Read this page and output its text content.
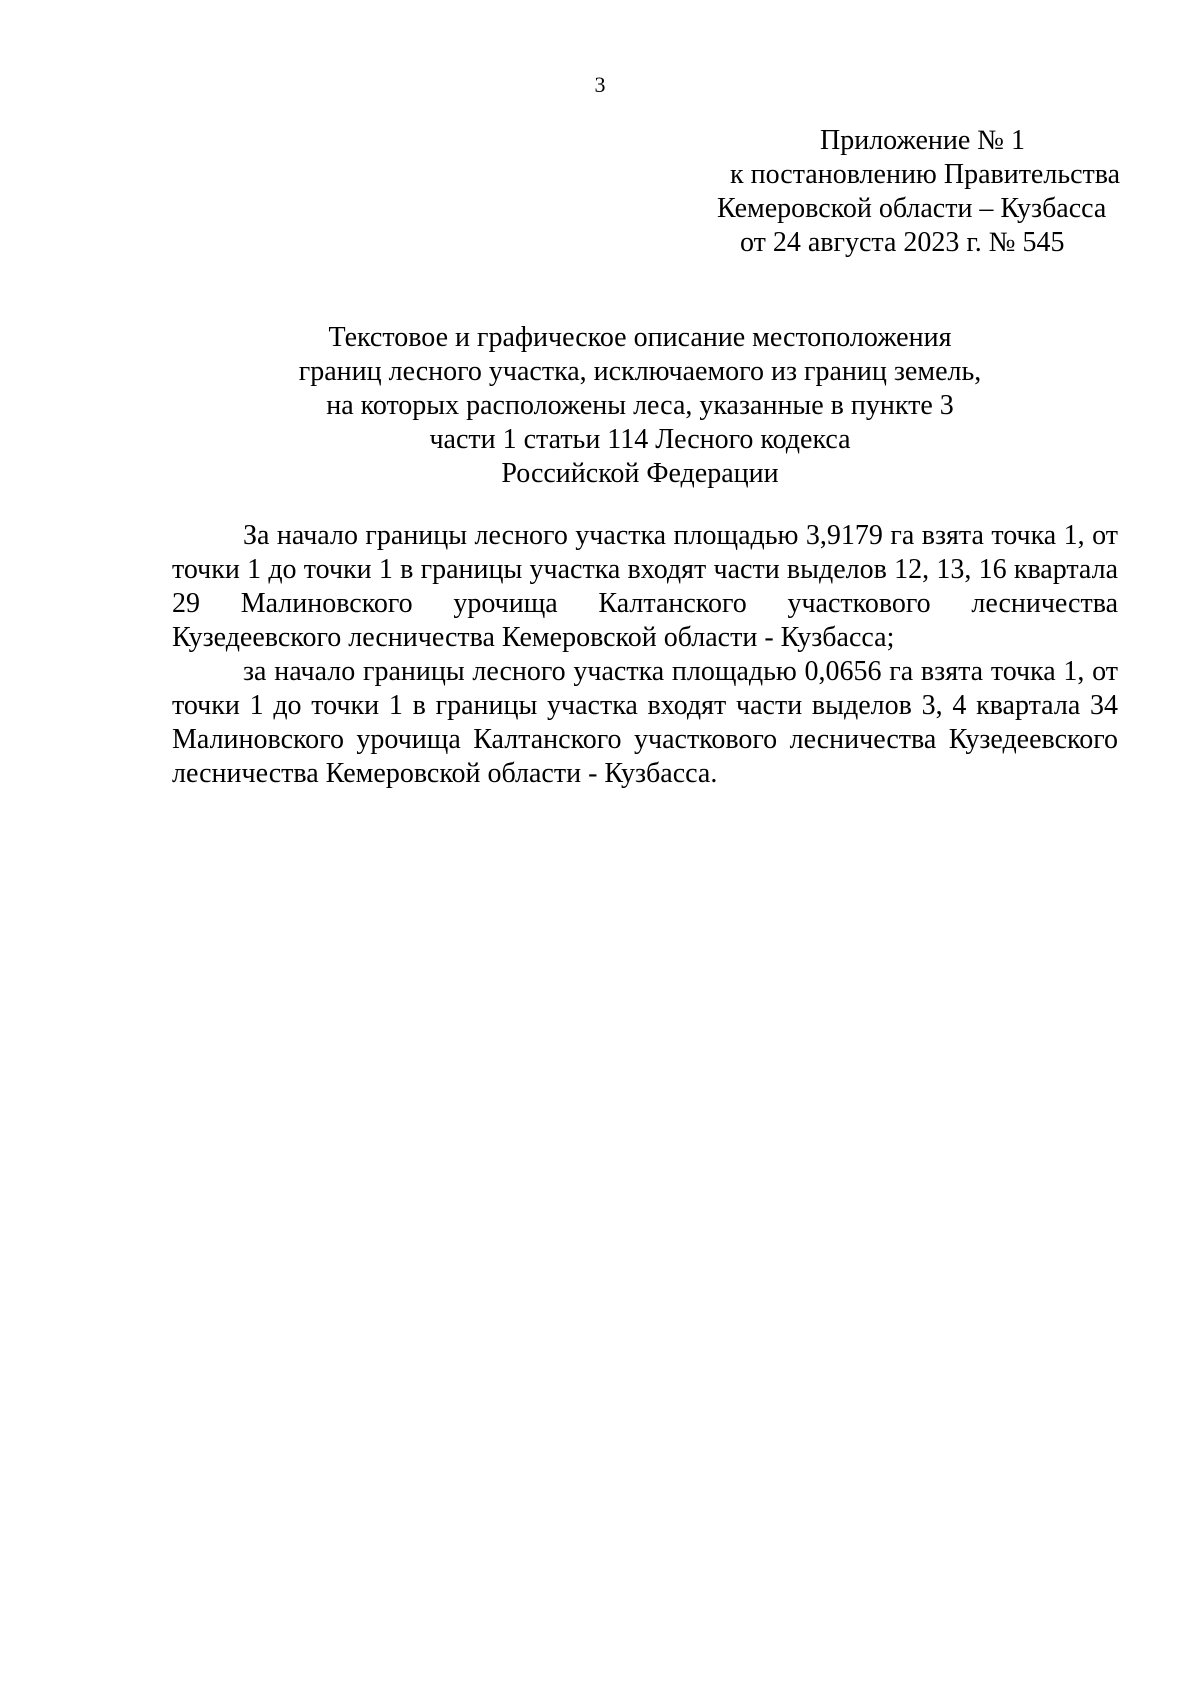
3
Приложение № 1
к постановлению Правительства
Кемеровской области – Кузбасса
от 24 августа 2023 г. № 545
Текстовое и графическое описание местоположения
границ лесного участка, исключаемого из границ земель,
на которых расположены леса, указанные в пункте 3
части 1 статьи 114 Лесного кодекса
Российской Федерации

За начало границы лесного участка площадью 3,9179 га взята точка 1, от точки 1 до точки 1 в границы участка входят части выделов 12, 13, 16 квартала 29 Малиновского урочища Калтанского участкового лесничества Кузедеевского лесничества Кемеровской области - Кузбасса;

за начало границы лесного участка площадью 0,0656 га взята точка 1, от точки 1 до точки 1 в границы участка входят части выделов 3, 4 квартала 34 Малиновского урочища Калтанского участкового лесничества Кузедеевского лесничества Кемеровской области - Кузбасса.
